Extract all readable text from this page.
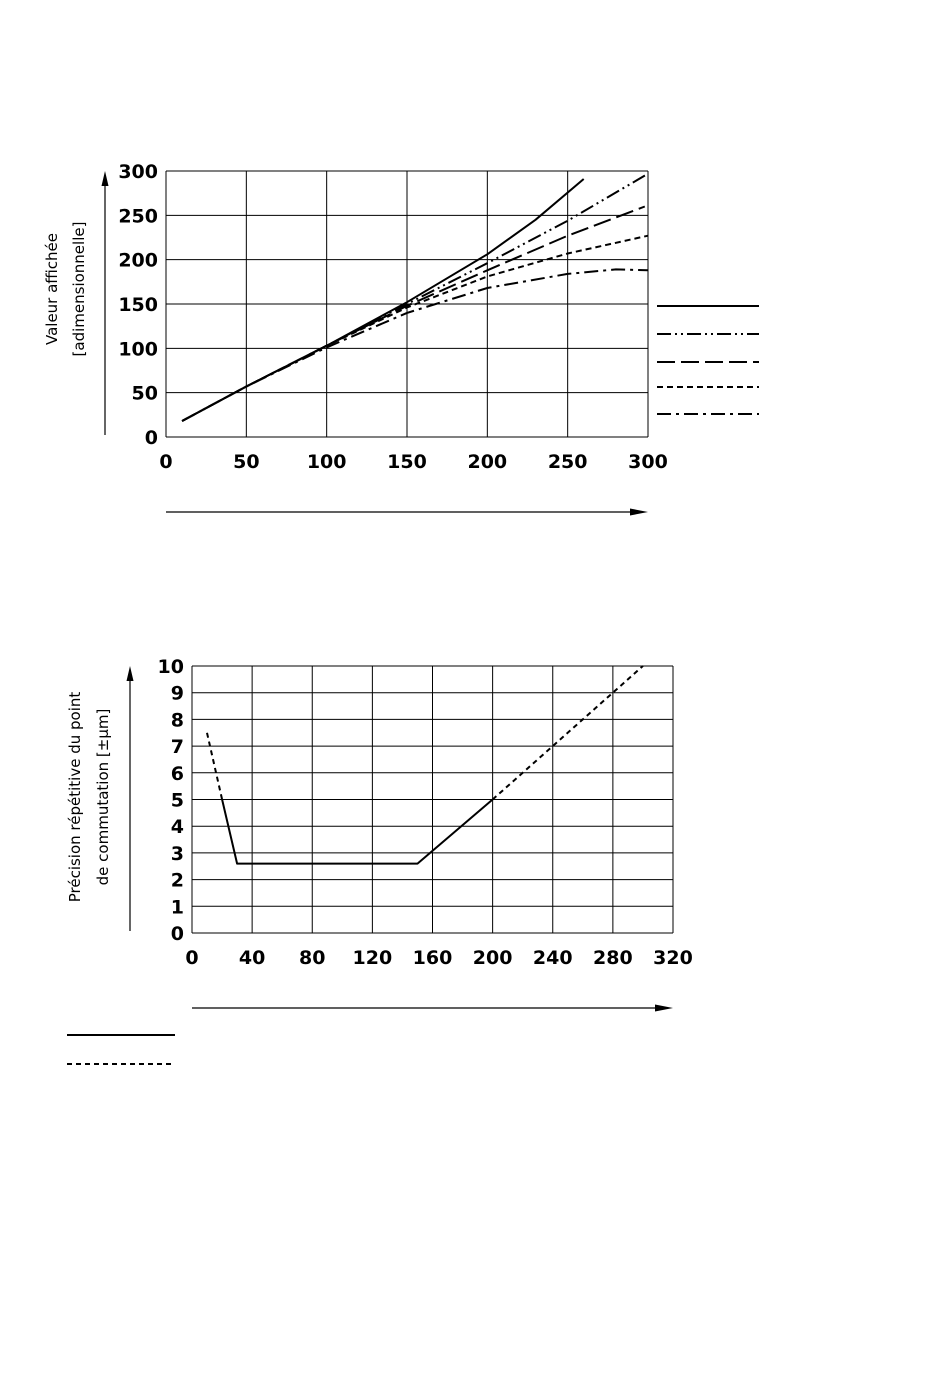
0	50 100 150 200 250 300
0
50
100
150
200
250
300
Valeur affichée [adimensionnelle]
0 40 80 120 160 200 240 280 320
0
1
2
3
4
5
6
7
8
9
10
Précision répétitive du point de commutation [±µm]
